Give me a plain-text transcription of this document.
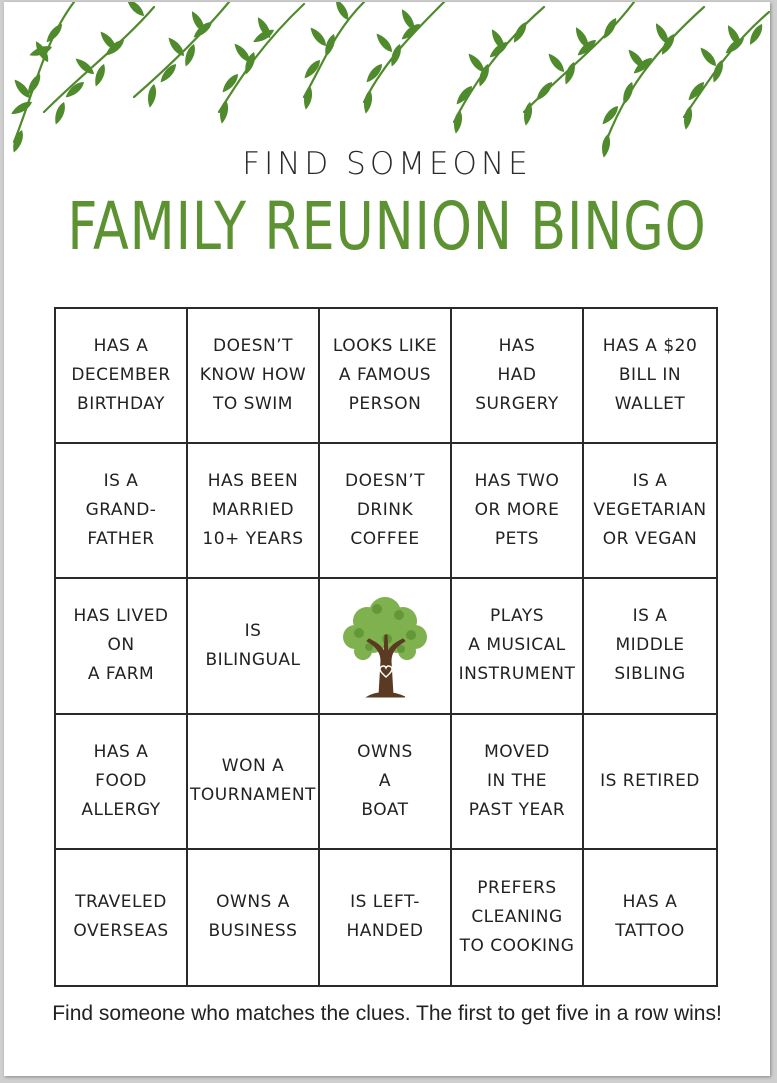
FIND SOMEONE
FAMILY REUNION BINGO
HAS A
DECEMBER
BIRTHDAY
DOESN’T
KNOW HOW
TO SWIM
LOOKS LIKE
A FAMOUS
PERSON
HAS
HAD
SURGERY
HAS A $20
BILL IN
WALLET
IS A
GRAND-
FATHER
HAS BEEN
MARRIED
10+ YEARS
DOESN’T
DRINK
COFFEE
HAS TWO
OR MORE
PETS
IS A
VEGETARIAN
OR VEGAN
HAS LIVED
ON
A FARM
IS
BILINGUAL
PLAYS
A MUSICAL
INSTRUMENT
IS A
MIDDLE
SIBLING
HAS A
FOOD
ALLERGY
WON A
TOURNAMENT
OWNS
A
BOAT
MOVED
IN THE
PAST YEAR
IS RETIRED
TRAVELED
OVERSEAS
OWNS A
BUSINESS
IS LEFT-
HANDED
PREFERS
CLEANING
TO COOKING
HAS A
TATTOO
Find someone who matches the clues. The first to get five in a row wins!
